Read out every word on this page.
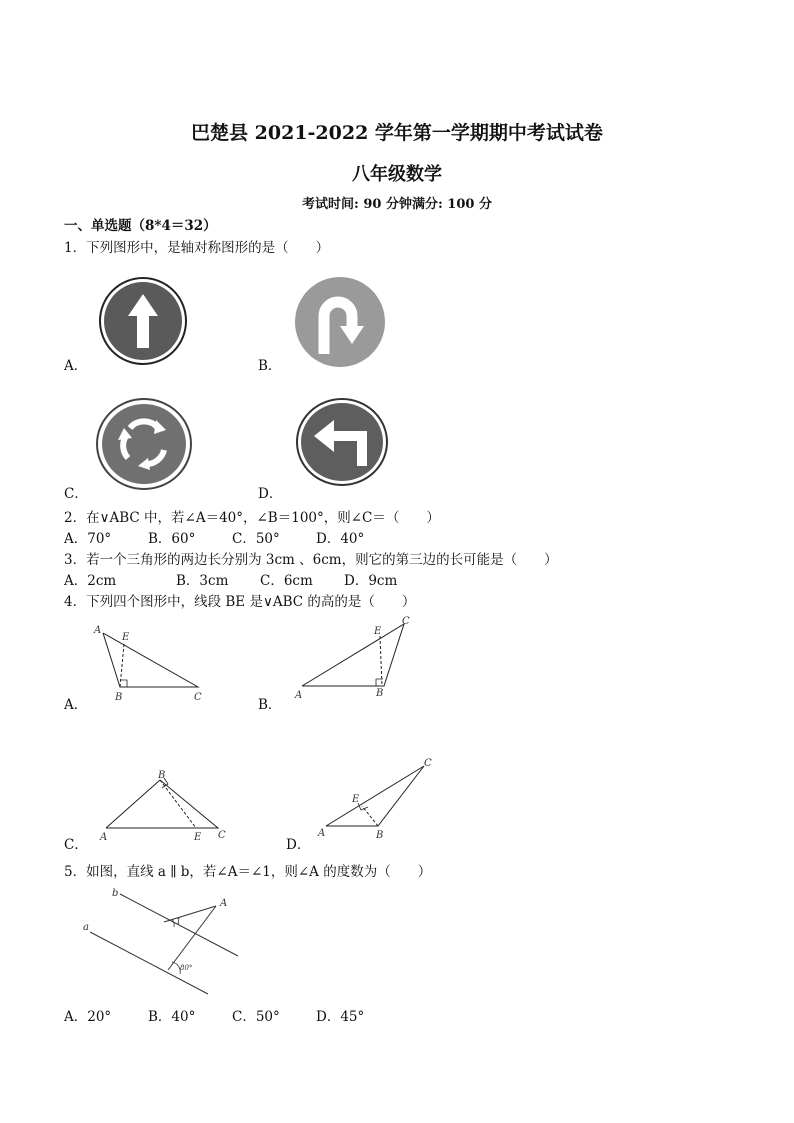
巴楚县 2021-2022 学年第一学期期中考试试卷
八年级数学
考试时间: 90 分钟满分: 100 分
一、单选题（8*4＝32）
1．下列图形中，是轴对称图形的是（　　）
A．	B．
C．	D．
2．在∨ABC 中，若∠A＝40°，∠B＝100°，则∠C＝（　　）
A．70°	B．60°	C．50°	D．40°
3．若一个三角形的两边长分别为 3cm 、6cm，则它的第三边的长可能是（　　）
A．2cm	B．3cm C．6cm D．9cm
4．下列四个图形中，线段 BE 是∨ABC 的高的是（　　）
A
E
B	C
A．
A
E
B
C
B．
A
B
E C
C．
A
E
B
C
D．
5．如图，直线 a ∥ b，若∠A＝∠1，则∠A 的度数为（　　）
b
a
A
1
80°
A．20°	B．40°	C．50°	D．45°
